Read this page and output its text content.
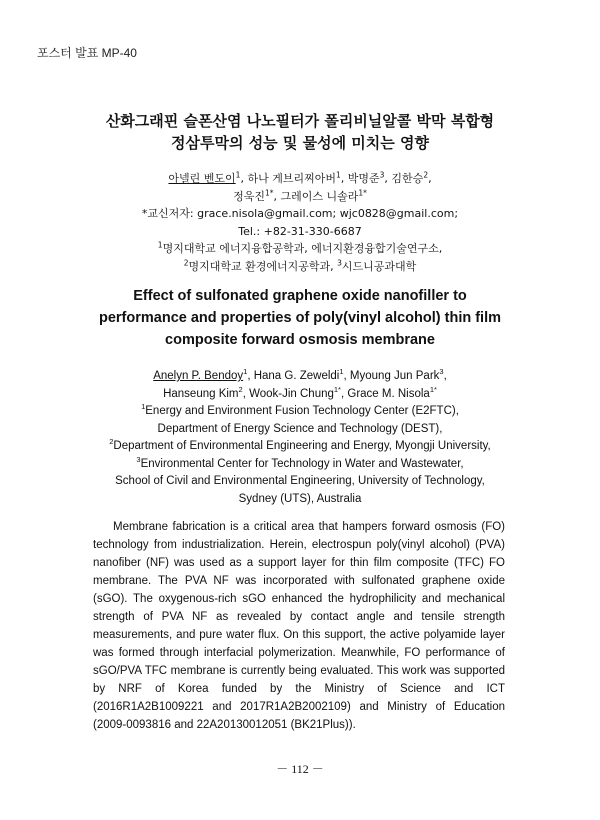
포스터 발표 MP-40
산화그래핀 슬폰산염 나노필터가 폴리비닐알콜 박막 복합형
정삼투막의 성능 및 물성에 미치는 영향
아넬린 벤도이$^1$, 하나 게브리찌아버$^1$, 박명준$^3$, 김한승$^2$,
정욱진$^{1*}$, 그레이스 니솔라$^{1*}$
*교신저자: grace.nisola@gmail.com; wjc0828@gmail.com;
Tel.: +82-31-330-6687
$^1$명지대학교 에너지융합공학과, 에너지환경융합기술연구소,
$^2$명지대학교 환경에너지공학과, $^3$시드니공과대학
Effect of sulfonated graphene oxide nanofiller to
performance and properties of poly(vinyl alcohol) thin film
composite forward osmosis membrane
Anelyn P. Bendoy$^1$, Hana G. Zeweldi$^1$, Myoung Jun Park$^3$,
Hanseung Kim$^2$, Wook-Jin Chung$^{1*}$, Grace M. Nisola$^{1*}$
$^1$Energy and Environment Fusion Technology Center (E2FTC),
Department of Energy Science and Technology (DEST),
$^2$Department of Environmental Engineering and Energy, Myongji University,
$^3$Environmental Center for Technology in Water and Wastewater,
School of Civil and Environmental Engineering, University of Technology,
Sydney (UTS), Australia
Membrane fabrication is a critical area that hampers forward osmosis (FO) technology from industrialization. Herein, electrospun poly(vinyl alcohol) (PVA) nanofiber (NF) was used as a support layer for thin film composite (TFC) FO membrane. The PVA NF was incorporated with sulfonated graphene oxide (sGO). The oxygenous-rich sGO enhanced the hydrophilicity and mechanical strength of PVA NF as revealed by contact angle and tensile strength measurements, and pure water flux. On this support, the active polyamide layer was formed through interfacial polymerization. Meanwhile, FO performance of sGO/PVA TFC membrane is currently being evaluated. This work was supported by NRF of Korea funded by the Ministry of Science and ICT (2016R1A2B1009221 and 2017R1A2B2002109) and Ministry of Education (2009-0093816 and 22A20130012051 (BK21Plus)).
－ 112 －
